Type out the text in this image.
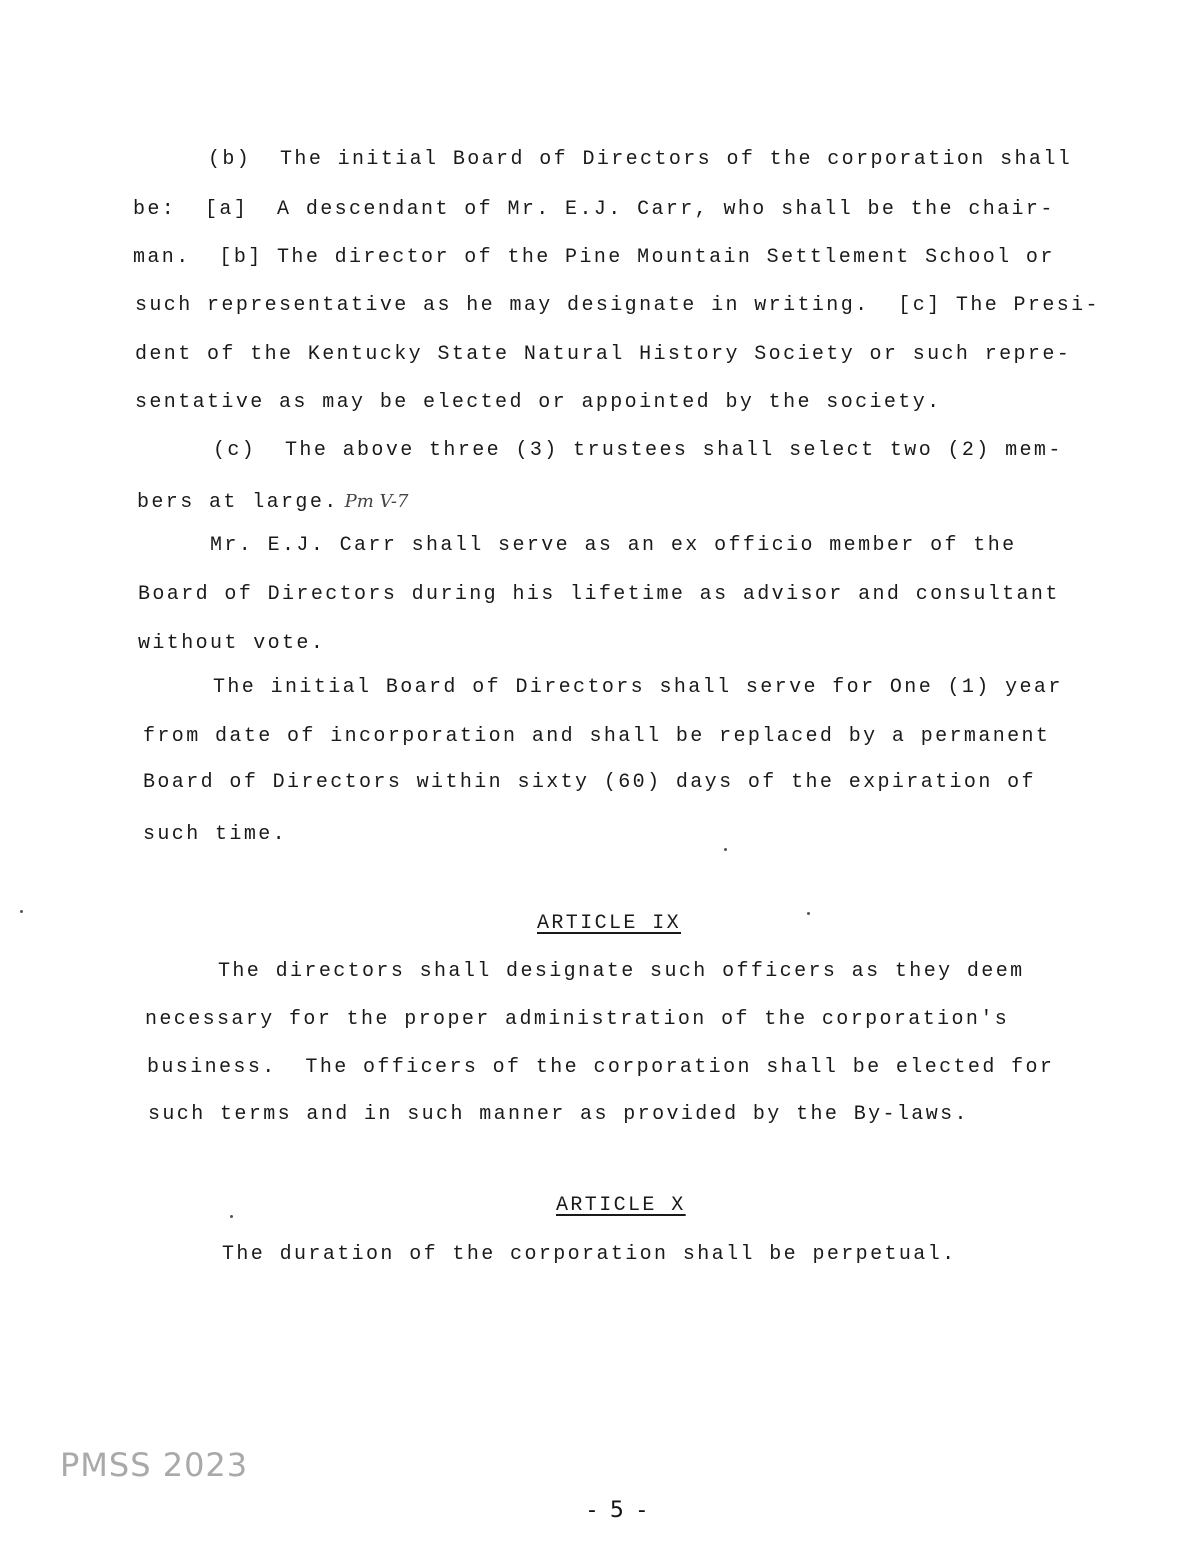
(b)  The initial Board of Directors of the corporation shall
be:  [a]  A descendant of Mr. E.J. Carr, who shall be the chair-
man.  [b] The director of the Pine Mountain Settlement School or
such representative as he may designate in writing.  [c] The Presi-
dent of the Kentucky State Natural History Society or such repre-
sentative as may be elected or appointed by the society.
(c)  The above three (3) trustees shall select two (2) mem-
bers at large. Pm V-7
Mr. E.J. Carr shall serve as an ex officio member of the
Board of Directors during his lifetime as advisor and consultant
without vote.
The initial Board of Directors shall serve for One (1) year
from date of incorporation and shall be replaced by a permanent
Board of Directors within sixty (60) days of the expiration of
such time.
ARTICLE IX
The directors shall designate such officers as they deem
necessary for the proper administration of the corporation's
business.  The officers of the corporation shall be elected for
such terms and in such manner as provided by the By-laws.
ARTICLE X
The duration of the corporation shall be perpetual.
PMSS 2023
-  5  -
